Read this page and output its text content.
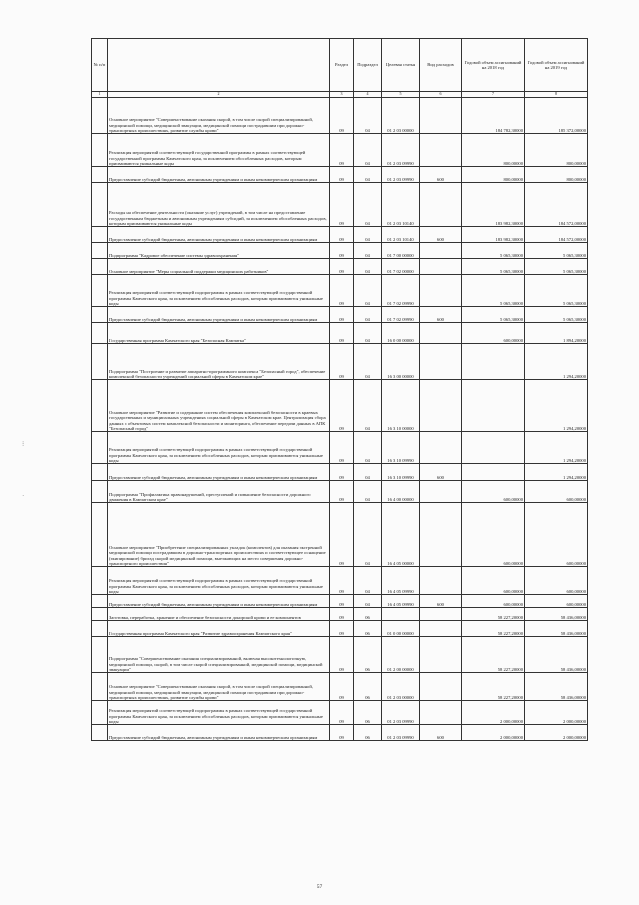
№ п/п		Раздел	Подраздел	Целевая статья	Вид расходов	Годовой объем ассигнований на 2018 год	Годовой объем ассигнований на 2019 год
1	2	3	4	5	6	7	8
	Основное мероприятие "Совершенствование оказания скорой, в том числе скорой специализированной, медицинской помощи, медицинской эвакуации, медицинской помощи пострадавшим при дорожно-транспортных происшествиях, развитие службы крови"	09	04	01 2 03 00000		184 782,30000	185 372,00000
	Реализация мероприятий соответствующей государственной программы в рамках соответствующей государственной программы Камчатского края, за исключением обособленных расходов, которым присваиваются уникальные коды	09	04	01 2 03 09990		800,00000	800,00000
	Предоставление субсидий бюджетным, автономным учреждениям и иным некоммерческим организациям	09	04	01 2 03 09990	600	800,00000	800,00000
	Расходы на обеспечение деятельности (оказание услуг) учреждений, в том числе на предоставление государственным бюджетным и автономным учреждениям субсидий, за исключением обособленных расходов, которым присваиваются уникальные коды	09	04	01 2 03 10140		183 982,30000	184 572,00000
	Предоставление субсидий бюджетным, автономным учреждениям и иным некоммерческим организациям	09	04	01 2 03 10140	600	183 982,30000	184 572,00000
	Подпрограмма "Кадровое обеспечение системы здравоохранения"	09	04	01 7 00 00000		5 065,30000	5 065,30000
	Основное мероприятие "Меры социальной поддержки медицинских работников"	09	04	01 7 02 00000		5 065,30000	5 065,30000
	Реализация мероприятий соответствующей подпрограммы в рамках соответствующей государственной программы Камчатского края, за исключением обособленных расходов, которым присваиваются уникальные коды	09	04	01 7 02 09990		5 065,30000	5 065,30000
	Предоставление субсидий бюджетным, автономным учреждениям и иным некоммерческим организациям	09	04	01 7 02 09990	600	5 065,30000	5 065,30000
	Государственная программа Камчатского края "Безопасная Камчатка"	09	04	16 0 00 00000		600,00000	1 894,20000
	Подпрограмма "Построение и развитие аппаратно-программного комплекса "Безопасный город", обеспечение комплексной безопасности учреждений социальной сферы в Камчатском крае"	09	04	16 3 00 00000			1 294,20000
	Основное мероприятие "Развитие и содержание систем обеспечения комплексной безопасности в краевых государственных и муниципальных учреждениях социальной сферы в Камчатском крае. Централизация сбора данных с объектовых систем комплексной безопасности и мониторинга, обеспечение передачи данных в АПК "Безопасный город"	09	04	16 3 10 00000			1 294,20000
	Реализация мероприятий соответствующей подпрограммы в рамках соответствующей государственной программы Камчатского края, за исключением обособленных расходов, которым присваиваются уникальные коды	09	04	16 3 10 09990			1 294,20000
	Предоставление субсидий бюджетным, автономным учреждениям и иным некоммерческим организациям	09	04	16 3 10 09990	600		1 294,20000
	Подпрограмма "Профилактика правонарушений, преступлений и повышение безопасности дорожного движения в Камчатском крае"	09	04	16 4 00 00000		600,00000	600,00000
	Основное мероприятие "Приобретение специализированных укладок (комплектов) для оказания экстренной медицинской помощи пострадавшим в дорожно-транспортных происшествиях и соответствующее оснащение (экипирование) бригад скорой медицинской помощи, выезжающих на место совершения дорожно-транспортного происшествия"	09	04	16 4 05 00000		600,00000	600,00000
	Реализация мероприятий соответствующей подпрограммы в рамках соответствующей государственной программы Камчатского края, за исключением обособленных расходов, которым присваиваются уникальные коды	09	04	16 4 05 09990		600,00000	600,00000
	Предоставление субсидий бюджетным, автономным учреждениям и иным некоммерческим организациям	09	04	16 4 05 09990	600	600,00000	600,00000
	Заготовка, переработка, хранение и обеспечение безопасности донорской крови и ее компонентов	09	06			58 227,20000	58 436,00000
	Государственная программа Камчатского края "Развитие здравоохранения Камчатского края"	09	06	01 0 00 00000		58 227,20000	58 436,00000
	Подпрограмма "Совершенствование оказания специализированной, включая высокотехнологичную, медицинской помощи, скорой, в том числе скорой специализированной, медицинской помощи, медицинской эвакуации"	09	06	01 2 00 00000		58 227,20000	58 436,00000
	Основное мероприятие "Совершенствование оказания скорой, в том числе скорой специализированной, медицинской помощи, медицинской эвакуации, медицинской помощи пострадавшим при дорожно-транспортных происшествиях, развитие службы крови"	09	06	01 2 03 00000		58 227,20000	58 436,00000
	Реализация мероприятий соответствующей подпрограммы в рамках соответствующей государственной программы Камчатского края, за исключением обособленных расходов, которым присваиваются уникальные коды	09	06	01 2 03 09990		2 000,00000	2 000,00000
	Предоставление субсидий бюджетным, автономным учреждениям и иным некоммерческим организациям	09	06	01 2 03 09990	600	2 000,00000	2 000,00000
⁝
·
57
